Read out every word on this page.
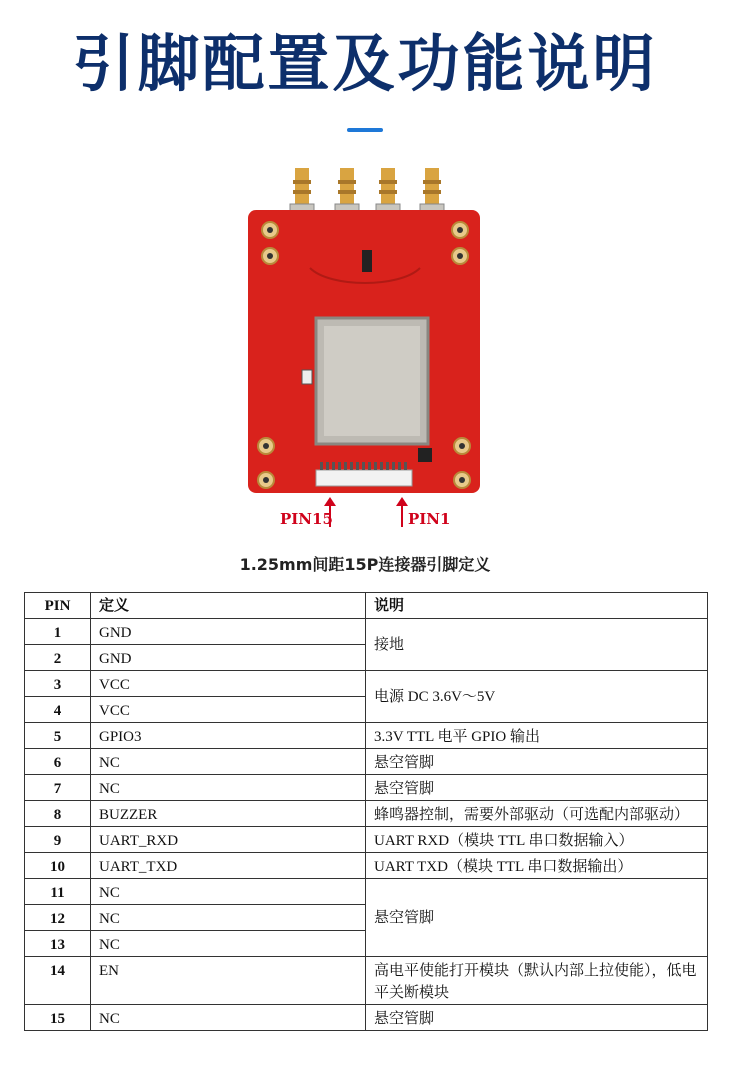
引脚配置及功能说明
PIN15	PIN1
1.25mm间距15P连接器引脚定义
PIN	定义	说明
1	GND	接地
2	GND	
3	VCC	电源 DC 3.6V～5V
4	VCC	
5	GPIO3	3.3V TTL 电平 GPIO 输出
6	NC	悬空管脚
7	NC	悬空管脚
8	BUZZER	蜂鸣器控制，需要外部驱动（可选配内部驱动）
9	UART_RXD	UART RXD（模块 TTL 串口数据输入）
10	UART_TXD	UART TXD（模块 TTL 串口数据输出）
11	NC	悬空管脚
12	NC	
13	NC	
14	EN	高电平使能打开模块（默认内部上拉使能），低电平关断模块
15	NC	悬空管脚
